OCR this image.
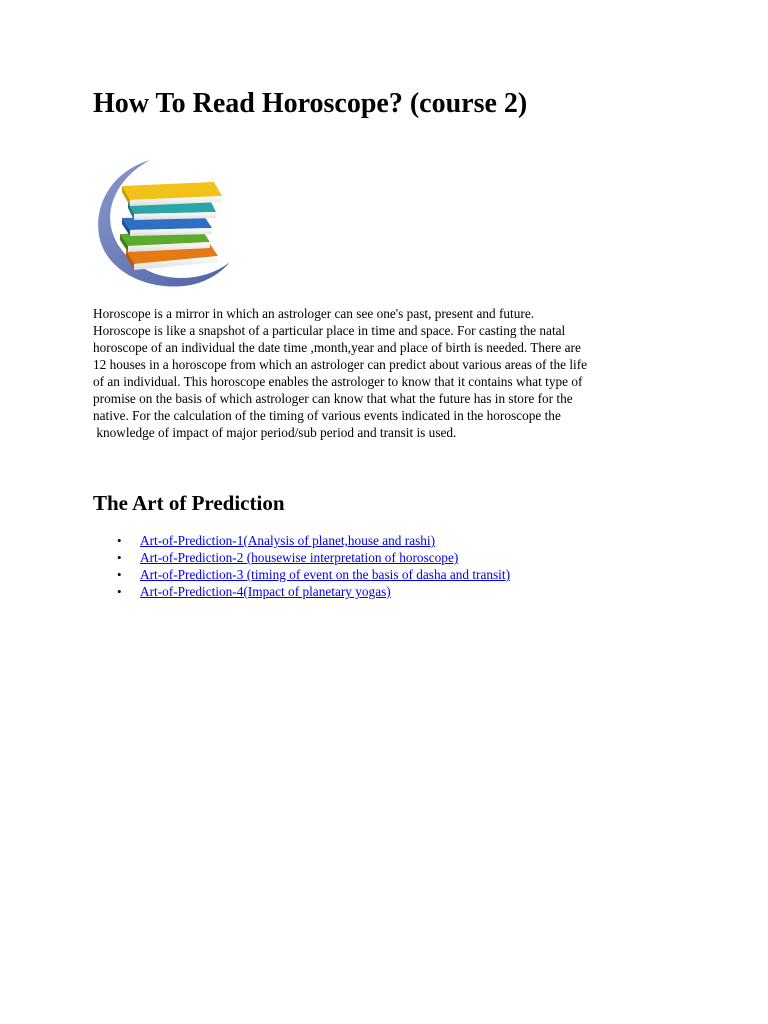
How To Read Horoscope? (course 2)
Horoscope is a mirror in which an astrologer can see one's past, present and future.
Horoscope is like a snapshot of a particular place in time and space. For casting the natal
horoscope of an individual the date time ,month,year and place of birth is needed. There are
12 houses in a horoscope from which an astrologer can predict about various areas of the life
of an individual. This horoscope enables the astrologer to know that it contains what type of
promise on the basis of which astrologer can know that what the future has in store for the
native. For the calculation of the timing of various events indicated in the horoscope the
knowledge of impact of major period/sub period and transit is used.
The Art of Prediction
• Art-of-Prediction-1(Analysis of planet,house and rashi)
• Art-of-Prediction-2 (housewise interpretation of horoscope)
• Art-of-Prediction-3 (timing of event on the basis of dasha and transit)
• Art-of-Prediction-4(Impact of planetary yogas)
